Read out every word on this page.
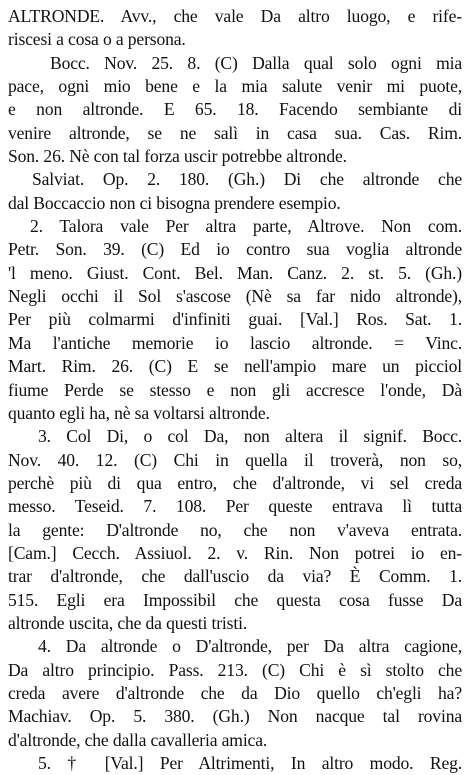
ALTRONDE. Avv., che vale Da altro luogo, e rife-
riscesi a cosa o a persona.
Bocc. Nov. 25. 8. (C) Dalla qual solo ogni mia
pace, ogni mio bene e la mia salute venir mi puote,
e non altronde. E 65. 18. Facendo sembiante di
venire altronde, se ne salì in casa sua. Cas. Rim.
Son. 26. Nè con tal forza uscir potrebbe altronde.
Salviat. Op. 2. 180. (Gh.) Di che altronde che
dal Boccaccio non ci bisogna prendere esempio.
2. Talora vale Per altra parte, Altrove. Non com.
Petr. Son. 39. (C) Ed io contro sua voglia altronde
'l meno. Giust. Cont. Bel. Man. Canz. 2. st. 5. (Gh.)
Negli occhi il Sol s'ascose (Nè sa far nido altronde),
Per più colmarmi d'infiniti guai. [Val.] Ros. Sat. 1.
Ma l'antiche memorie io lascio altronde. = Vinc.
Mart. Rim. 26. (C) E se nell'ampio mare un picciol
fiume Perde se stesso e non gli accresce l'onde, Dà
quanto egli ha, nè sa voltarsi altronde.
3. Col Di, o col Da, non altera il signif. Bocc.
Nov. 40. 12. (C) Chi in quella il troverà, non so,
perchè più di qua entro, che d'altronde, vi sel creda
messo. Teseid. 7. 108. Per queste entrava lì tutta
la gente: D'altronde no, che non v'aveva entrata.
[Cam.] Cecch. Assiuol. 2. v. Rin. Non potrei io en-
trar d'altronde, che dall'uscio da via? È Comm. 1.
515. Egli era Impossibil che questa cosa fusse Da
altronde uscita, che da questi tristi.
4. Da altronde o D'altronde, per Da altra cagione,
Da altro principio. Pass. 213. (C) Chi è sì stolto che
creda avere d'altronde che da Dio quello ch'egli ha?
Machiav. Op. 5. 380. (Gh.) Non nacque tal rovina
d'altronde, che dalla cavalleria amica.
5. † [Val.] Per Altrimenti, In altro modo. Reg.
